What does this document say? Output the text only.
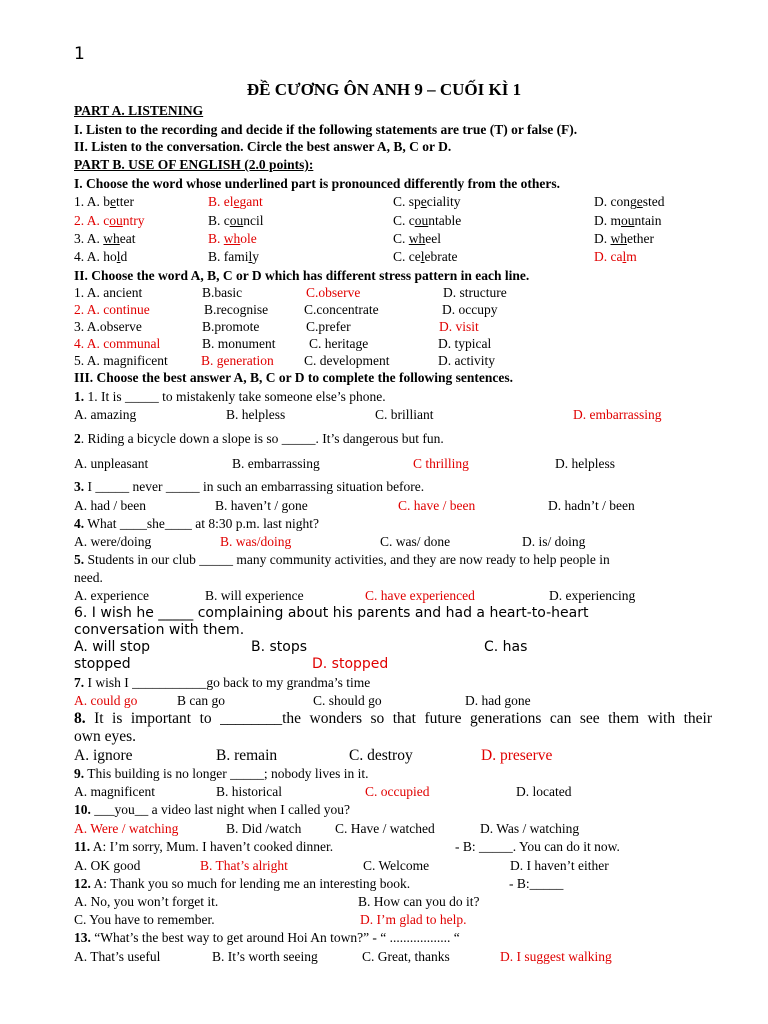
1
ĐỀ CƯƠNG ÔN ANH 9 – CUỐI KÌ 1
PART A. LISTENING
I. Listen to the recording and decide if the following statements are true (T) or false (F).
II. Listen to the conversation. Circle the best answer A, B, C or D.
PART B. USE OF ENGLISH (2.0 points):
I. Choose the word whose underlined part is pronounced differently from the others.
1. A. better	B. elegant	C. speciality	D. congested
2. A. country	B. council	C. countable	D. mountain
3. A. wheat	B. whole	C. wheel	D. whether
4. A. hold	B. family	C. celebrate	D. calm
II. Choose the word A, B, C or D which has different stress pattern in each line.
1. A. ancient	B.basic	C.observe	D. structure
2. A. continue	B.recognise	C.concentrate	D. occupy
3. A.observe	B.promote	C.prefer	D. visit
4. A. communal	B. monument C. heritage	D. typical
5. A. magnificent B. generation C. development	D. activity
III. Choose the best answer A, B, C or D to complete the following sentences.
1. 1. It is _____ to mistakenly take someone else’s phone.
A. amazing	B. helpless	C. brilliant	D. embarrassing
2. Riding a bicycle down a slope is so _____. It’s dangerous but fun.
A. unpleasant	B. embarrassing	C thrilling	D. helpless
3. I _____ never _____ in such an embarrassing situation before.
A. had / been	B. haven’t / gone	C. have / been	D. hadn’t / been
4. What ____she____ at 8:30 p.m. last night?
A. were/doing	B. was/doing	C. was/ done	D. is/ doing
5. Students in our club _____ many community activities, and they are now ready to help people in
need.
A. experience	B. will experience	C. have experienced	D. experiencing
6. I wish he _____ complaining about his parents and had a heart-to-heart
conversation with them.
A. will stop	B. stops	C. has
stopped	D. stopped
7. I wish I ___________go back to my grandma’s time
A. could go	B can go	C. should go	D. had gone
8. It is important to ________the wonders so that future generations can see them with their
own eyes.
A. ignore	B. remain	C. destroy	D. preserve
9. This building is no longer _____; nobody lives in it.
A. magnificent	B. historical	C. occupied	D. located
10. ___you__ a video last night when I called you?
A. Were / watching	B. Did /watch C. Have / watched	D. Was / watching
11. A: I’m sorry, Mum. I haven’t cooked dinner.	- B: _____. You can do it now.
A. OK good	B. That’s alright	C. Welcome	D. I haven’t either
12. A: Thank you so much for lending me an interesting book.	- B:_____
A. No, you won’t forget it.	B. How can you do it?
C. You have to remember.	D. I’m glad to help.
13. “What’s the best way to get around Hoi An town?” - “ .................. “
A. That’s useful	B. It’s worth seeing	C. Great, thanks	D. I suggest walking
